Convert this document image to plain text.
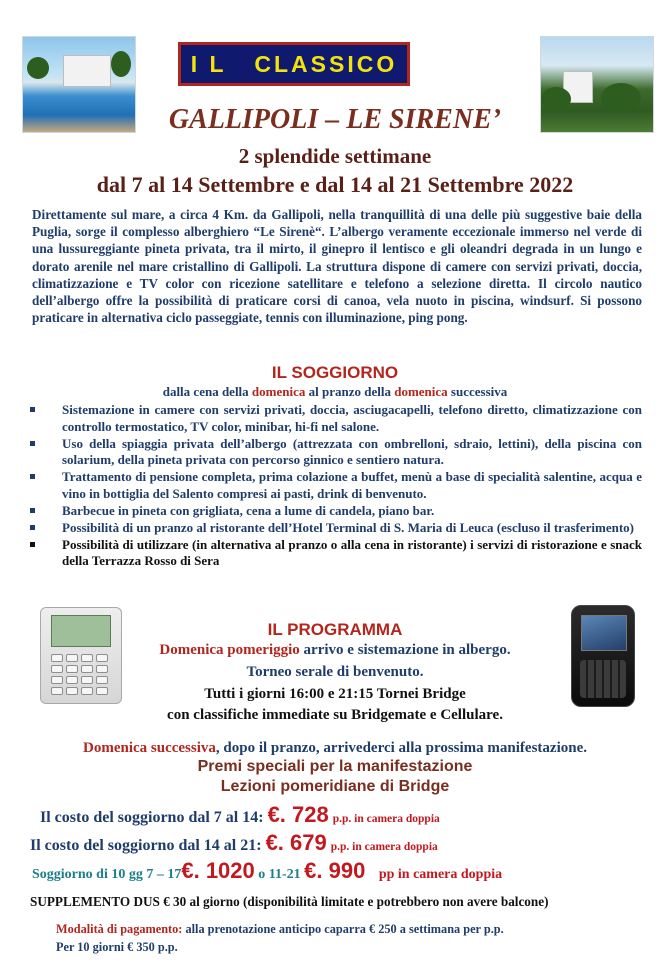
I L   CLASSICO
GALLIPOLI – LE SIRENE’
2 splendide settimane
dal 7 al 14 Settembre e dal 14 al 21 Settembre 2022
Direttamente sul mare, a circa 4 Km. da Gallipoli, nella tranquillità di una delle più suggestive baie della Puglia, sorge il complesso alberghiero “Le Sirenè“. L’albergo veramente eccezionale immerso nel verde di una lussureggiante pineta privata, tra il mirto, il ginepro il lentisco e gli oleandri degrada in un lungo e dorato arenile nel mare cristallino di Gallipoli. La struttura dispone di camere con servizi privati, doccia, climatizzazione e TV color con ricezione satellitare e telefono a selezione diretta. Il circolo nautico dell’albergo offre la possibilità di praticare corsi di canoa, vela nuoto in piscina, windsurf. Si possono praticare in alternativa ciclo passeggiate, tennis con illuminazione, ping pong.
IL SOGGIORNO
dalla cena della domenica al pranzo della domenica successiva
Sistemazione in camere con servizi privati, doccia, asciugacapelli, telefono diretto, climatizzazione con controllo termostatico, TV color, minibar, hi-fi nel salone.
Uso della spiaggia privata dell’albergo (attrezzata con ombrelloni, sdraio, lettini), della piscina con solarium, della pineta privata con percorso ginnico e sentiero natura.
Trattamento di pensione completa, prima colazione a buffet, menù a base di specialità salentine, acqua e vino in bottiglia del Salento compresi ai pasti, drink di benvenuto.
Barbecue in pineta con grigliata, cena a lume di candela, piano bar.
Possibilità di un pranzo al ristorante dell’Hotel Terminal di S. Maria di Leuca (escluso il trasferimento)
Possibilità di utilizzare (in alternativa al pranzo o alla cena in ristorante) i servizi di ristorazione e snack della Terrazza Rosso di Sera
IL PROGRAMMA
Domenica pomeriggio arrivo e sistemazione in albergo.
Torneo serale di benvenuto.
Tutti i giorni 16:00 e 21:15 Tornei Bridge
con classifiche immediate su Bridgemate e Cellulare.
Domenica successiva, dopo il pranzo, arrivederci alla prossima manifestazione.
Premi speciali per la manifestazione
Lezioni pomeridiane di Bridge
Il costo del soggiorno dal 7 al 14: €. 728 p.p. in camera doppia
Il costo del soggiorno dal 14 al 21: €. 679 p.p. in camera doppia
Soggiorno di 10 gg 7 – 17€. 1020 o 11-21 €. 990 pp in camera doppia
SUPPLEMENTO DUS € 30 al giorno (disponibilità limitate e potrebbero non avere balcone)
Modalità di pagamento: alla prenotazione anticipo caparra € 250 a settimana per p.p.
Per 10 giorni € 350 p.p.
